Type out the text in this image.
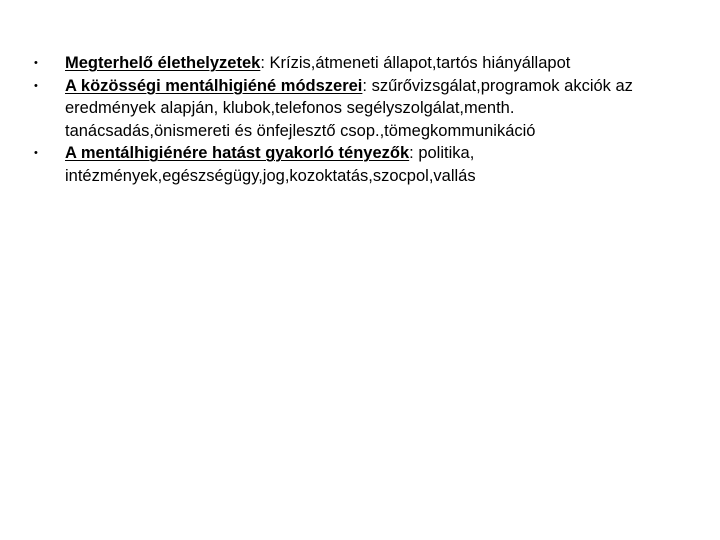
• Megterhelő élethelyzetek: Krízis,átmeneti állapot,tartós hiányállapot
• A közösségi mentálhigiéné módszerei: szűrővizsgálat,programok akciók az eredmények alapján, klubok,telefonos segélyszolgálat,menth. tanácsadás,önismereti és önfejlesztő csop.,tömegkommunikáció
• A mentálhigiénére hatást gyakorló tényezők: politika, intézmények,egészségügy,jog,kozoktatás,szocpol,vallás
